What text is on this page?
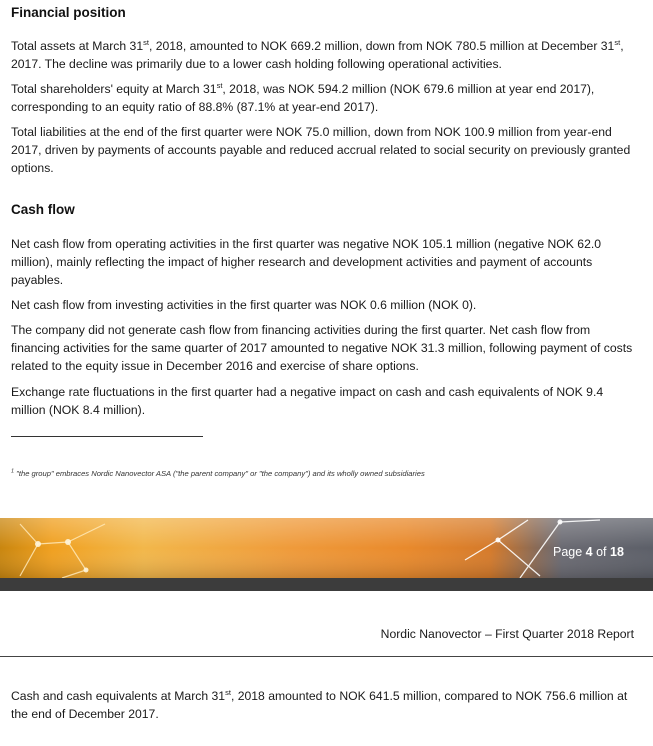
Financial position

Total assets at March 31st, 2018, amounted to NOK 669.2 million, down from NOK 780.5 million at December 31st, 2017. The decline was primarily due to a lower cash holding following operational activities.

Total shareholders' equity at March 31st, 2018, was NOK 594.2 million (NOK 679.6 million at year end 2017), corresponding to an equity ratio of 88.8% (87.1% at year-end 2017).

Total liabilities at the end of the first quarter were NOK 75.0 million, down from NOK 100.9 million from year-end 2017, driven by payments of accounts payable and reduced accrual related to social security on previously granted options.

Cash flow

Net cash flow from operating activities in the first quarter was negative NOK 105.1 million (negative NOK 62.0 million), mainly reflecting the impact of higher research and development activities and payment of accounts payables.

Net cash flow from investing activities in the first quarter was NOK 0.6 million (NOK 0).

The company did not generate cash flow from financing activities during the first quarter. Net cash flow from financing activities for the same quarter of 2017 amounted to negative NOK 31.3 million, following payment of costs related to the equity issue in December 2016 and exercise of share options.

Exchange rate fluctuations in the first quarter had a negative impact on cash and cash equivalents of NOK 9.4 million (NOK 8.4 million).

$^1$ "the group" embraces Nordic Nanovector ASA ("the parent company" or "the company") and its wholly owned subsidiaries
Page 4 of 18
Nordic Nanovector – First Quarter 2018 Report

Cash and cash equivalents at March 31st, 2018 amounted to NOK 641.5 million, compared to NOK 756.6 million at the end of December 2017.
